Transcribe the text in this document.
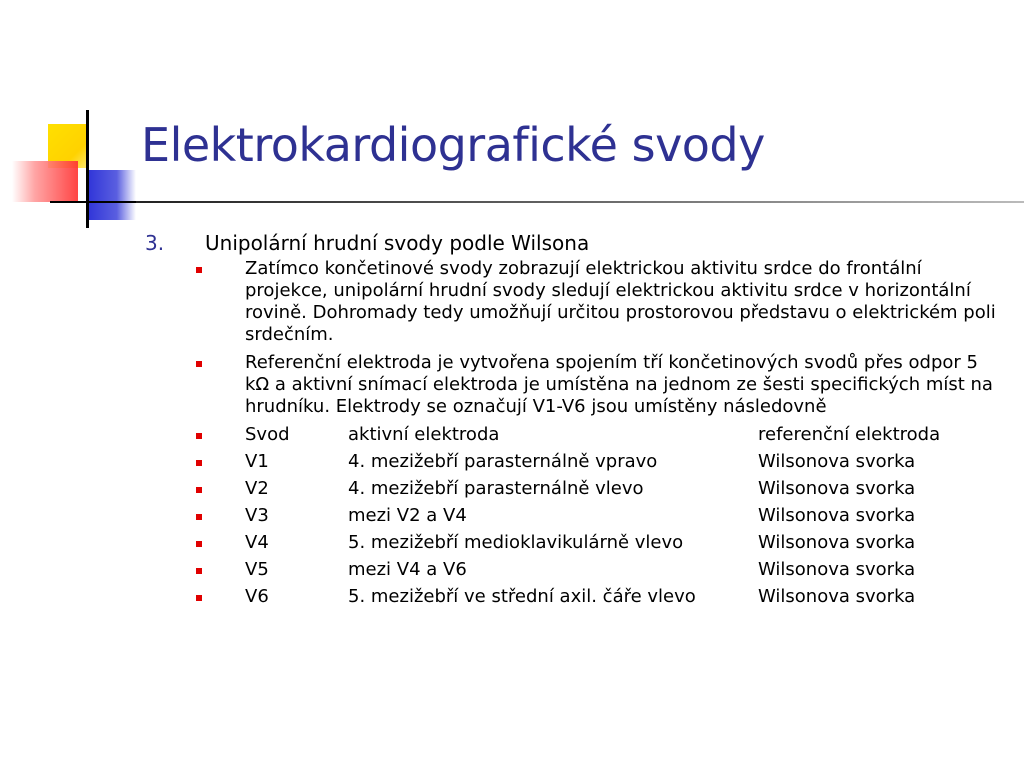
Elektrokardiografické svody
3. Unipolární hrudní svody podle Wilsona
Zatímco končetinové svody zobrazují elektrickou aktivitu srdce do frontální projekce, unipolární hrudní svody sledují elektrickou aktivitu srdce v horizontální rovině. Dohromady tedy umožňují určitou prostorovou představu o elektrickém poli srdečním.
Referenční elektroda je vytvořena spojením tří končetinových svodů přes odpor 5 kΩ a aktivní snímací elektroda je umístěna na jednom ze šesti specifických míst na hrudníku. Elektrody se označují V1-V6 jsou umístěny následovně
Svod	aktivní elektroda	referenční elektroda
V1	4. mezižebří parasternálně vpravo	Wilsonova svorka
V2	4. mezižebří parasternálně vlevo	Wilsonova svorka
V3	mezi V2 a V4	Wilsonova svorka
V4	5. mezižebří medioklavikulárně vlevo	Wilsonova svorka
V5	mezi V4 a V6	Wilsonova svorka
V6	5. mezižebří ve střední axil. čáře vlevo	Wilsonova svorka
